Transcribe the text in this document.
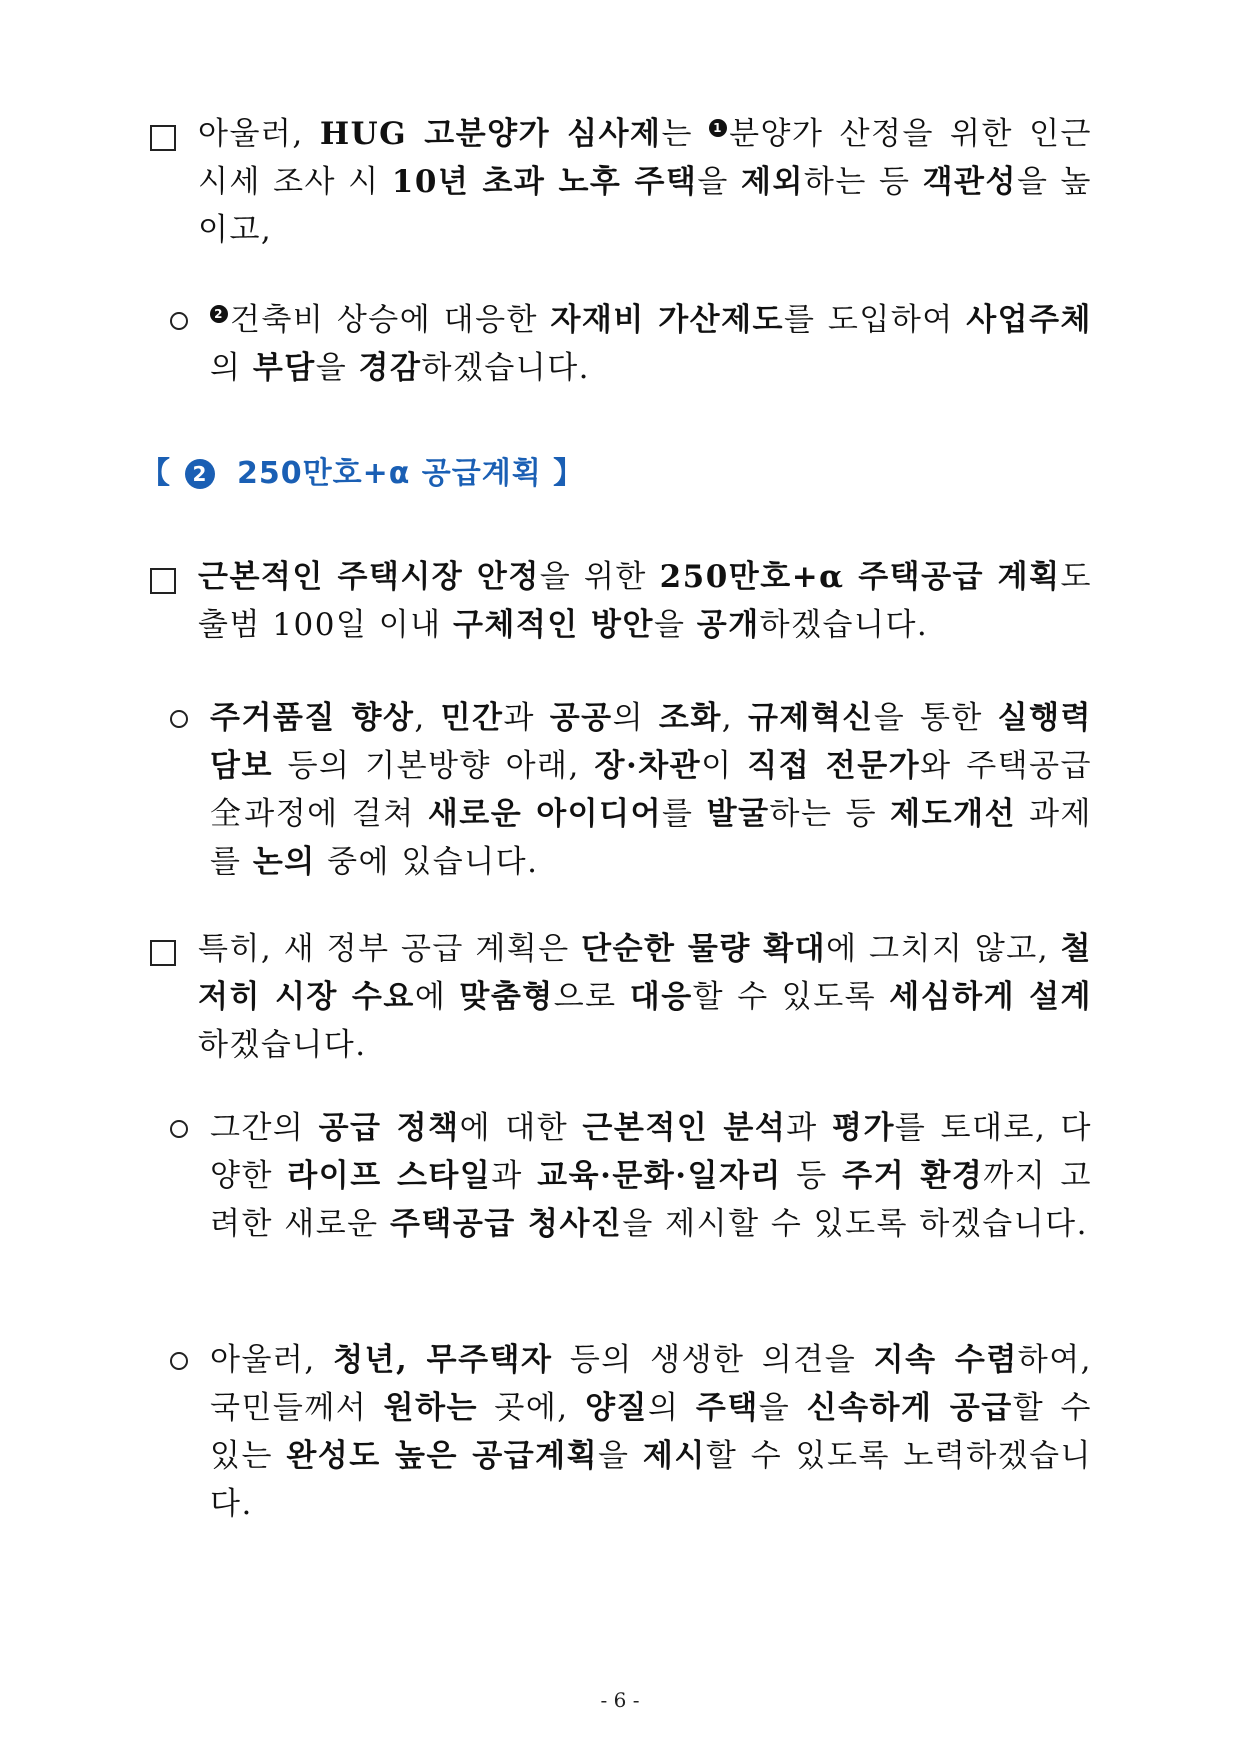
아울러, HUG 고분양가 심사제는 1 분양가 산정을 위한 인근 시세 조사 시 10년 초과 노후 주택을 제외하는 등 객관성을 높이고,
2 건축비 상승에 대응한 자재비 가산제도를 도입하여 사업주체의 부담을 경감하겠습니다.
【 2 250만호+α 공급계획 】
근본적인 주택시장 안정을 위한 250만호+α 주택공급 계획도 출범 100일 이내 구체적인 방안을 공개하겠습니다.
주거품질 향상, 민간과 공공의 조화, 규제혁신을 통한 실행력 담보 등의 기본방향 아래, 장·차관이 직접 전문가와 주택공급 全과정에 걸쳐 새로운 아이디어를 발굴하는 등 제도개선 과제를 논의 중에 있습니다.
특히, 새 정부 공급 계획은 단순한 물량 확대에 그치지 않고, 철저히 시장 수요에 맞춤형으로 대응할 수 있도록 세심하게 설계하겠습니다.
그간의 공급 정책에 대한 근본적인 분석과 평가를 토대로, 다양한 라이프 스타일과 교육·문화·일자리 등 주거 환경까지 고려한 새로운 주택공급 청사진을 제시할 수 있도록 하겠습니다.
아울러, 청년, 무주택자 등의 생생한 의견을 지속 수렴하여, 국민들께서 원하는 곳에, 양질의 주택을 신속하게 공급할 수 있는 완성도 높은 공급계획을 제시할 수 있도록 노력하겠습니다.
- 6 -
